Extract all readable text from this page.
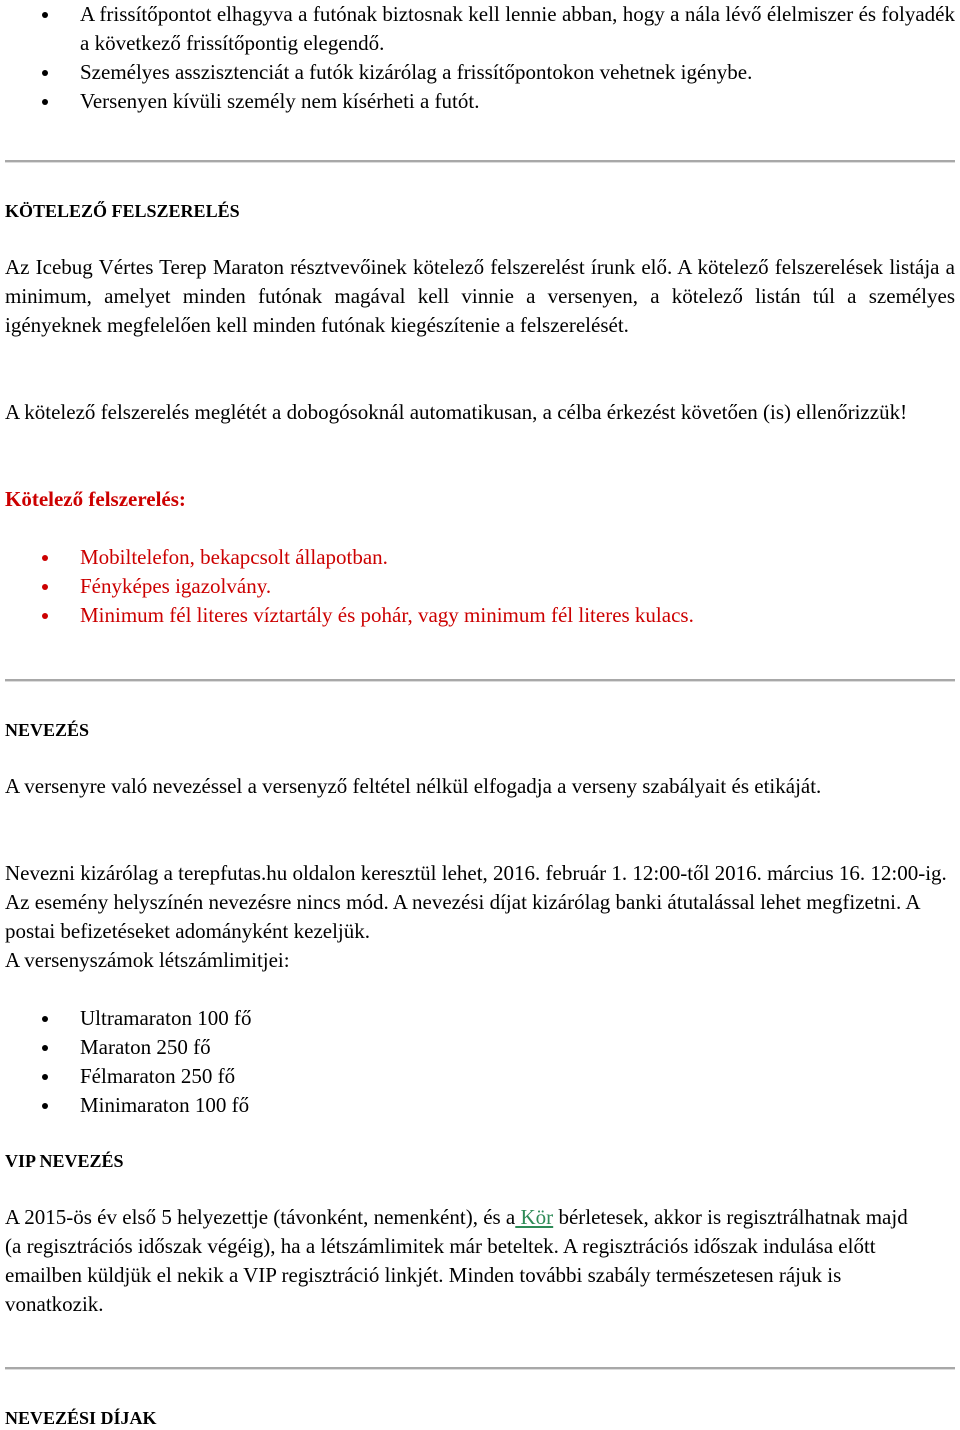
A frissítőpontot elhagyva a futónak biztosnak kell lennie abban, hogy a nála lévő élelmiszer és folyadék a következő frissítőpontig elegendő.
Személyes asszisztenciát a futók kizárólag a frissítőpontokon vehetnek igénybe.
Versenyen kívüli személy nem kísérheti a futót.
KÖTELEZŐ FELSZERELÉS
Az Icebug Vértes Terep Maraton résztvevőinek kötelező felszerelést írunk elő. A kötelező felszerelések listája a minimum, amelyet minden futónak magával kell vinnie a versenyen, a kötelező listán túl a személyes igényeknek megfelelően kell minden futónak kiegészítenie a felszerelését.
A kötelező felszerelés meglétét a dobogósoknál automatikusan, a célba érkezést követően (is) ellenőrizzük!
Kötelező felszerelés:
Mobiltelefon, bekapcsolt állapotban.
Fényképes igazolvány.
Minimum fél literes víztartály és pohár, vagy minimum fél literes kulacs.
NEVEZÉS
A versenyre való nevezéssel a versenyző feltétel nélkül elfogadja a verseny szabályait és etikáját.
Nevezni kizárólag a terepfutas.hu oldalon keresztül lehet, 2016. február 1. 12:00-től 2016. március 16. 12:00-ig. Az esemény helyszínén nevezésre nincs mód. A nevezési díjat kizárólag banki átutalással lehet megfizetni. A postai befizetéseket adományként kezeljük.
A versenyszámok létszámlimitjei:
Ultramaraton 100 fő
Maraton 250 fő
Félmaraton 250 fő
Minimaraton 100 fő
VIP NEVEZÉS
A 2015-ös év első 5 helyezettje (távonként, nemenként), és a Kör bérletesek, akkor is regisztrálhatnak majd (a regisztrációs időszak végéig), ha a létszámlimitek már beteltek. A regisztrációs időszak indulása előtt emailben küldjük el nekik a VIP regisztráció linkjét. Minden további szabály természetesen rájuk is vonatkozik.
NEVEZÉSI DÍJAK
